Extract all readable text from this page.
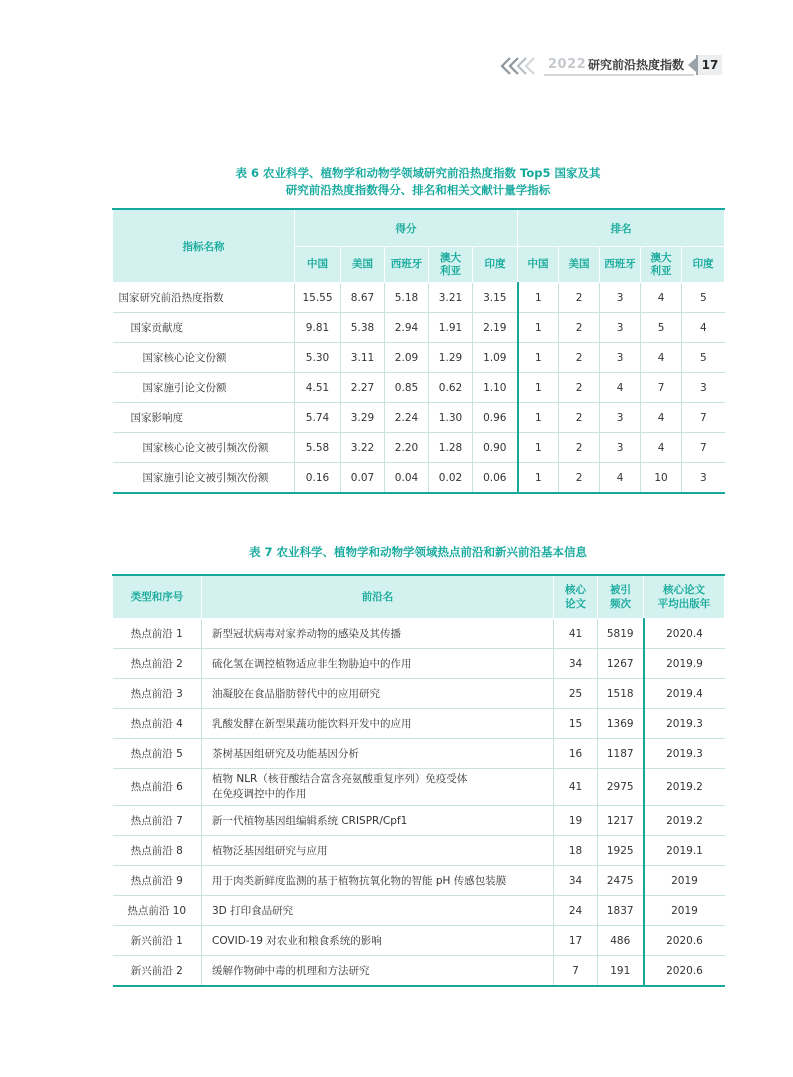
2022 研究前沿热度指数	17
表 6 农业科学、植物学和动物学领域研究前沿热度指数 Top5 国家及其
研究前沿热度指数得分、排名和相关文献计量学指标
指标名称	得分					排名				
	中国	美国	西班牙	澳大
利亚	印度	中国	美国	西班牙	澳大
利亚	印度
国家研究前沿热度指数	15.55	8.67	5.18	3.21	3.15	1	2	3	4	5
国家贡献度	9.81	5.38	2.94	1.91	2.19	1	2	3	5	4
国家核心论文份额	5.30	3.11	2.09	1.29	1.09	1	2	3	4	5
国家施引论文份额	4.51	2.27	0.85	0.62	1.10	1	2	4	7	3
国家影响度	5.74	3.29	2.24	1.30	0.96	1	2	3	4	7
国家核心论文被引频次份额	5.58	3.22	2.20	1.28	0.90	1	2	3	4	7
国家施引论文被引频次份额	0.16	0.07	0.04	0.02	0.06	1	2	4	10	3
表 7 农业科学、植物学和动物学领域热点前沿和新兴前沿基本信息
类型和序号	前沿名	核心
论文	被引
频次	核心论文
平均出版年

热点前沿 1	新型冠状病毒对家养动物的感染及其传播	41	5819	2020.4
热点前沿 2	硫化氢在调控植物适应非生物胁迫中的作用	34	1267	2019.9
热点前沿 3	油凝胶在食品脂肪替代中的应用研究	25	1518	2019.4
热点前沿 4	乳酸发酵在新型果蔬功能饮料开发中的应用	15	1369	2019.3
热点前沿 5	茶树基因组研究及功能基因分析	16	1187	2019.3
热点前沿 6	植物 NLR（核苷酸结合富含亮氨酸重复序列）免疫受体
在免疫调控中的作用	41	2975	2019.2
热点前沿 7	新一代植物基因组编辑系统 CRISPR/Cpf1	19	1217	2019.2
热点前沿 8	植物泛基因组研究与应用	18	1925	2019.1
热点前沿 9	用于肉类新鲜度监测的基于植物抗氧化物的智能 pH 传感包装膜	34	2475	2019
热点前沿 10	3D 打印食品研究	24	1837	2019
新兴前沿 1	COVID-19 对农业和粮食系统的影响	17	486	2020.6
新兴前沿 2	缓解作物砷中毒的机理和方法研究	7	191	2020.6
